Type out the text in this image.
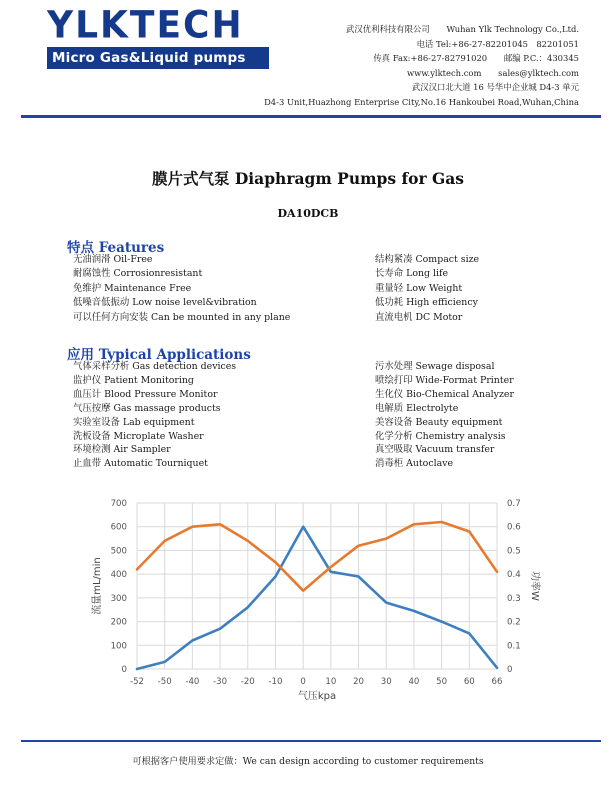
YLKTECH
Micro Gas&Liquid pumps
武汉优利科技有限公司　　Wuhan Ylk Technology Co.,Ltd.
电话 Tel:+86-27-82201045　82201051
传真 Fax:+86-27-82791020　　邮编 P.C.：430345
www.ylktech.com　　sales@ylktech.com
武汉汉口北大道 16 号华中企业城 D4-3 单元
D4-3 Unit,Huazhong Enterprise City,No.16 Hankoubei Road,Wuhan,China
膜片式气泵 Diaphragm Pumps for Gas
DA10DCB
特点 Features
无油润滑 Oil-Free
耐腐蚀性 Corrosionresistant
免维护 Maintenance Free
低噪音低振动 Low noise level&vibration
可以任何方向安装 Can be mounted in any plane
结构紧凑 Compact size
长寿命 Long life
重量轻 Low Weight
低功耗 High efficiency
直流电机 DC Motor
应用 Typical Applications
气体采样分析 Gas detection devices
监护仪 Patient Monitoring
血压计 Blood Pressure Monitor
气压按摩 Gas massage products
实验室设备 Lab equipment
洗板设备 Microplate Washer
环境检测 Air Sampler
止血带 Automatic Tourniquet
污水处理 Sewage disposal
喷绘打印 Wide-Format Printer
生化仪 Bio-Chemical Analyzer
电解质 Electrolyte
美容设备 Beauty equipment
化学分析 Chemistry analysis
真空吸取 Vacuum transfer
消毒柜 Autoclave
0	0
100	0.1
200	0.2
300	0.3
400	0.4
500	0.5
600	0.6
700	0.7
-52 -50 -40 -30 -20 -10 0 10 20 30 40 50 60 66
流量mL/min	功率W
气压kpa
可根据客户使用要求定做：We can design according to customer requirements
